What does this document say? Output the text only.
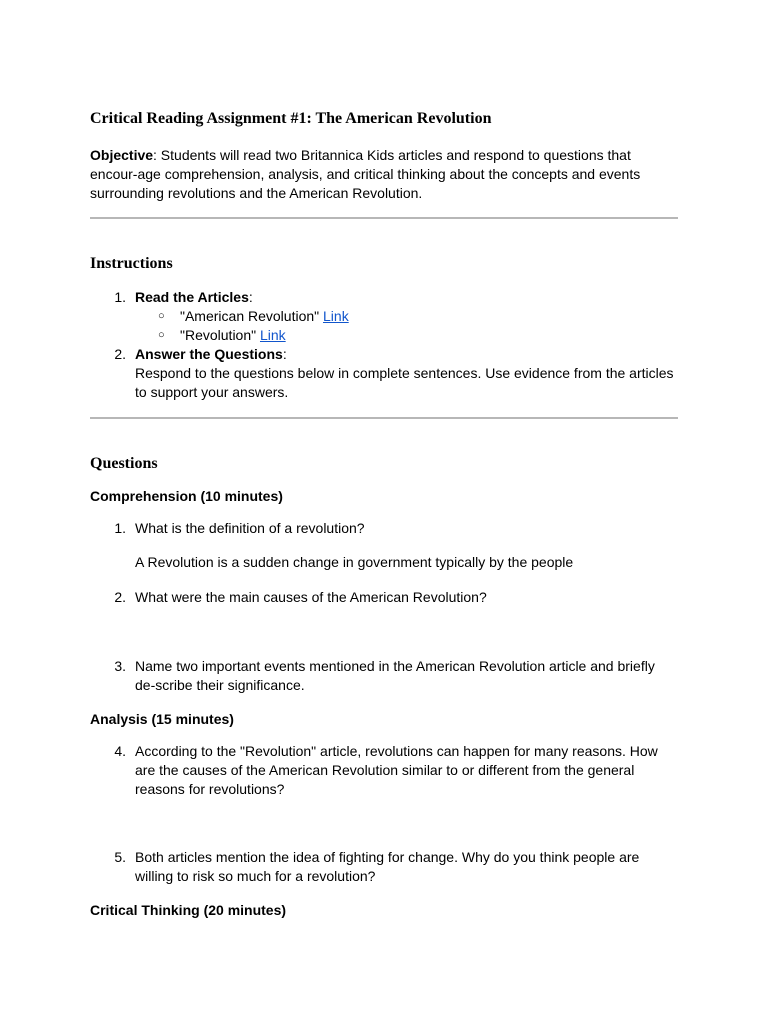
Critical Reading Assignment #1: The American Revolution

Objective: Students will read two Britannica Kids articles and respond to questions that encour-age comprehension, analysis, and critical thinking about the concepts and events surrounding revolutions and the American Revolution.

Instructions
1. Read the Articles:
○ "American Revolution" Link
○ "Revolution" Link
2. Answer the Questions:
Respond to the questions below in complete sentences. Use evidence from the articles to support your answers.
Questions
Comprehension (10 minutes)
1. What is the definition of a revolution?
A Revolution is a sudden change in government typically by the people
2. What were the main causes of the American Revolution?
3. Name two important events mentioned in the American Revolution article and briefly de-scribe their significance.
Analysis (15 minutes)
4. According to the "Revolution" article, revolutions can happen for many reasons. How are the causes of the American Revolution similar to or different from the general reasons for revolutions?
5. Both articles mention the idea of fighting for change. Why do you think people are willing to risk so much for a revolution?
Critical Thinking (20 minutes)
